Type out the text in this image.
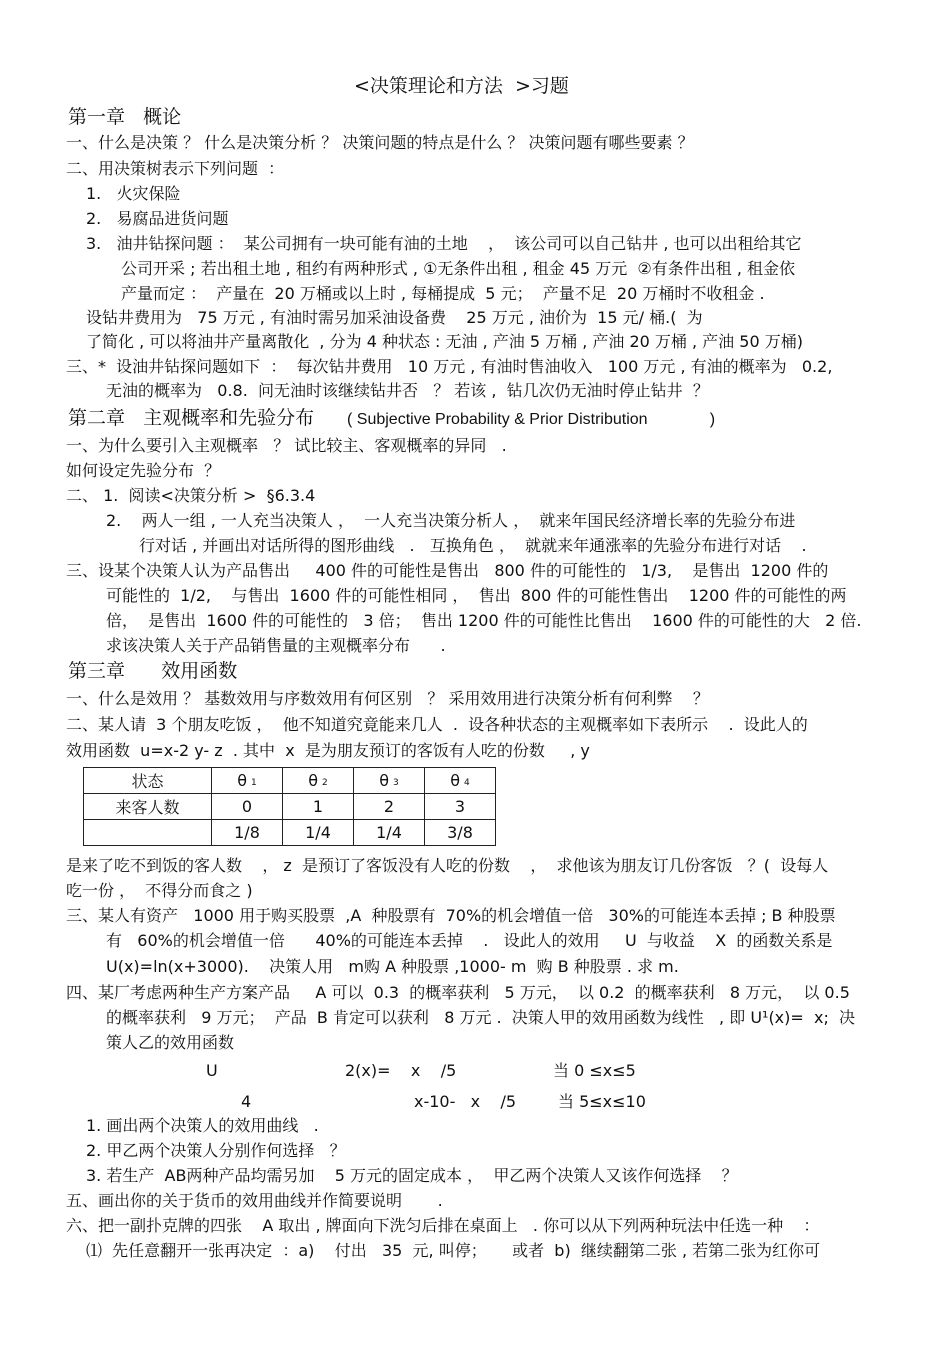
<决策理论和方法  >习题
第一章   概论
一、什么是决策 ？ 什么是决策分析 ？ 决策问题的特点是什么 ？ 决策问题有哪些要素 ？
二、用决策树表示下列问题  ：
1.   火灾保险
2.   易腐品进货问题
3.   油井钻探问题 ：  某公司拥有一块可能有油的土地    ，  该公司可以自己钻井 , 也可以出租给其它
公司开采 ; 若出租土地 , 租约有两种形式 , ①无条件出租 , 租金 45 万元  ②有条件出租 , 租金依
产量而定 ：  产量在  20 万桶或以上时 , 每桶提成  5 元；  产量不足  20 万桶时不收租金 .
设钻井费用为   75 万元 , 有油时需另加采油设备费    25 万元 , 油价为  15 元/ 桶.(  为
了简化 , 可以将油井产量离散化  , 分为 4 种状态 : 无油 , 产油 5 万桶 , 产油 20 万桶 , 产油 50 万桶)
三、*  设油井钻探问题如下  ：  每次钻井费用   10 万元 , 有油时售油收入   100 万元 , 有油的概率为   0.2,
无油的概率为   0.8.  问无油时该继续钻井否   ？ 若该 ,  钻几次仍无油时停止钻井  ？
第二章   主观概率和先验分布 ( Subjective Probability & Prior Distribution              )
一、为什么要引入主观概率   ？ 试比较主、客观概率的异同   .
如何设定先验分布  ？
二、 1.  阅读<决策分析 >  §6.3.4
2.    两人一组 , 一人充当决策人 ，  一人充当决策分析人 ，  就来年国民经济增长率的先验分布进
行对话 , 并画出对话所得的图形曲线   .   互换角色 ，  就就来年通涨率的先验分布进行对话    .
三、设某个决策人认为产品售出     400 件的可能性是售出   800 件的可能性的   1/3,    是售出  1200 件的
可能性的  1/2,    与售出  1600 件的可能性相同 ，  售出  800 件的可能性售出    1200 件的可能性的两
倍，  是售出  1600 件的可能性的   3 倍；  售出 1200 件的可能性比售出    1600 件的可能性的大   2 倍.
求该决策人关于产品销售量的主观概率分布      .
第三章      效用函数
一、什么是效用 ？ 基数效用与序数效用有何区别   ？ 采用效用进行决策分析有何利弊    ？
二、某人请  3 个朋友吃饭 ，  他不知道究竟能来几人  .  设各种状态的主观概率如下表所示    .  设此人的
效用函数  u=x-2 y- z  . 其中  x  是为朋友预订的客饭有人吃的份数     , y
状态	θ 1	θ 2	θ 3	θ 4
来客人数	0	1	2	3
	1/8	1/4	1/4	3/8
是来了吃不到饭的客人数    ， z  是预订了客饭没有人吃的份数    ，  求他该为朋友订几份客饭   ？(  设每人
吃一份 ，  不得分而食之 )
三、某人有资产   1000 用于购买股票  ,A  种股票有  70%的机会增值一倍   30%的可能连本丢掉 ; B 种股票
有   60%的机会增值一倍      40%的可能连本丢掉    .   设此人的效用     U  与收益    X  的函数关系是
U(x)=ln(x+3000).    决策人用   m购 A 种股票 ,1000- m  购 B 种股票 . 求 m.
四、某厂考虑两种生产方案产品     A 可以  0.3  的概率获利   5 万元，  以 0.2  的概率获利   8 万元，  以 0.5
的概率获利   9 万元；  产品  B 肯定可以获利   8 万元 .  决策人甲的效用函数为线性   , 即 U¹(x)=  x;  决
策人乙的效用函数
U	2(x)=    x    /5	当 0 ≤x≤5
4	x-10-   x    /5	当 5≤x≤10
1. 画出两个决策人的效用曲线   .
2. 甲乙两个决策人分别作何选择   ？
3. 若生产  AB两种产品均需另加    5 万元的固定成本 ，  甲乙两个决策人又该作何选择    ？
五、画出你的关于货币的效用曲线并作简要说明       .
六、把一副扑克牌的四张    A 取出 , 牌面向下洗匀后排在桌面上   . 你可以从下列两种玩法中任选一种    ：
⑴  先任意翻开一张再决定  ：a)    付出   35  元, 叫停；     或者  b)  继续翻第二张 , 若第二张为红你可
